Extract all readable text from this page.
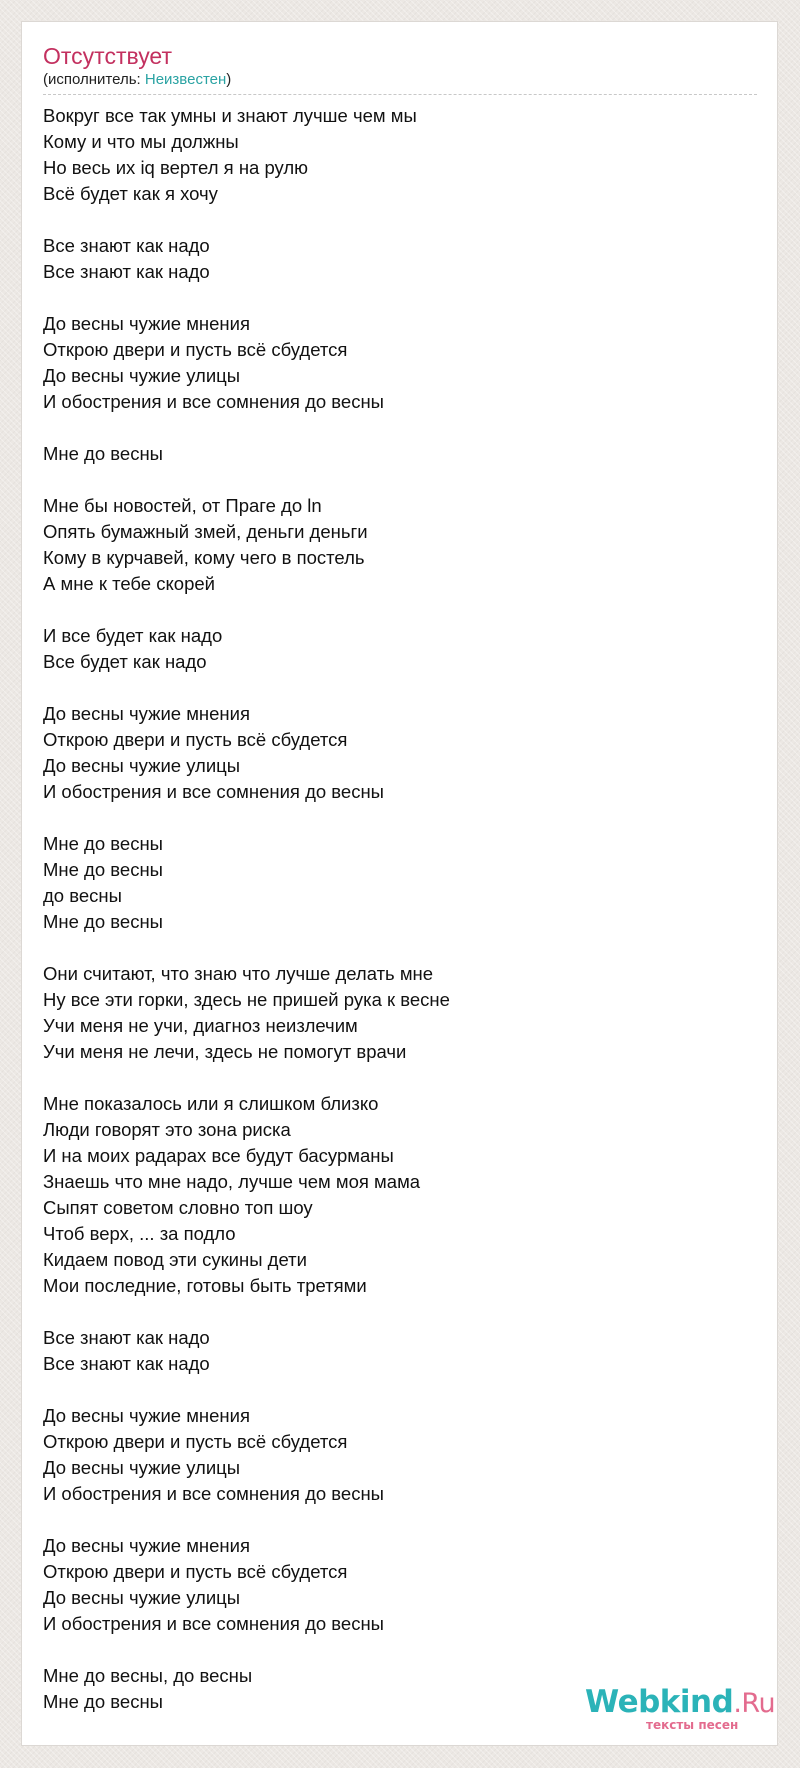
Отсутствует
(исполнитель: Неизвестен)
Вокруг все так умны и знают лучше чем мы
Кому и что мы должны
Но весь их iq вертел я на рулю
Всё будет как я хочу
Все знают как надо
Все знают как надо
До весны чужие мнения
Открою двери и пусть всё сбудется
До весны чужие улицы
И обострения и все сомнения до весны
Мне до весны
Мне бы новостей, от Праге до ln
Опять бумажный змей, деньги деньги
Кому в курчавей, кому чего в постель
А мне к тебе скорей
И все будет как надо
Все будет как надо
До весны чужие мнения
Открою двери и пусть всё сбудется
До весны чужие улицы
И обострения и все сомнения до весны
Мне до весны
Мне до весны
до весны
Мне до весны
Они считают, что знаю что лучше делать мне
Ну все эти горки, здесь не пришей рука к весне
Учи меня не учи, диагноз неизлечим
Учи меня не лечи, здесь не помогут врачи
Мне показалось или я слишком близко
Люди говорят это зона риска
И на моих радарах все будут басурманы
Знаешь что мне надо, лучше чем моя мама
Сыпят советом словно топ шоу
Чтоб верх, ... за подло
Кидаем повод эти сукины дети
Мои последние, готовы быть третями
Все знают как надо
Все знают как надо
До весны чужие мнения
Открою двери и пусть всё сбудется
До весны чужие улицы
И обострения и все сомнения до весны
До весны чужие мнения
Открою двери и пусть всё сбудется
До весны чужие улицы
И обострения и все сомнения до весны
Мне до весны, до весны
Мне до весны	Webkind.Ru
тексты песен
